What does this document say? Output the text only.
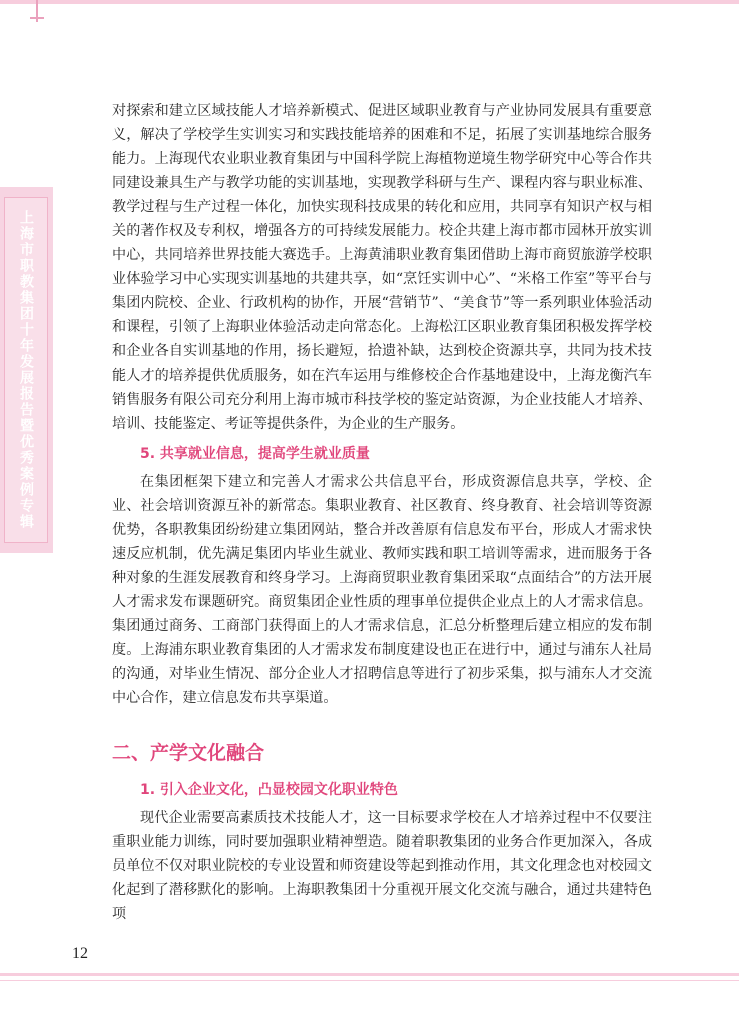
上海市职教集团十年发展报告暨优秀案例专辑

对探索和建立区域技能人才培养新模式、促进区域职业教育与产业协同发展具有重要意义，解决了学校学生实训实习和实践技能培养的困难和不足，拓展了实训基地综合服务能力。上海现代农业职业教育集团与中国科学院上海植物逆境生物学研究中心等合作共同建设兼具生产与教学功能的实训基地，实现教学科研与生产、课程内容与职业标准、教学过程与生产过程一体化，加快实现科技成果的转化和应用，共同享有知识产权与相关的著作权及专利权，增强各方的可持续发展能力。校企共建上海市都市园林开放实训中心，共同培养世界技能大赛选手。上海黄浦职业教育集团借助上海市商贸旅游学校职业体验学习中心实现实训基地的共建共享，如“烹饪实训中心”、“米格工作室”等平台与集团内院校、企业、行政机构的协作，开展“营销节”、“美食节”等一系列职业体验活动和课程，引领了上海职业体验活动走向常态化。上海松江区职业教育集团积极发挥学校和企业各自实训基地的作用，扬长避短，拾遗补缺，达到校企资源共享，共同为技术技能人才的培养提供优质服务，如在汽车运用与维修校企合作基地建设中，上海龙衡汽车销售服务有限公司充分利用上海市城市科技学校的鉴定站资源，为企业技能人才培养、培训、技能鉴定、考证等提供条件，为企业的生产服务。

5. 共享就业信息，提高学生就业质量

在集团框架下建立和完善人才需求公共信息平台，形成资源信息共享，学校、企业、社会培训资源互补的新常态。集职业教育、社区教育、终身教育、社会培训等资源优势，各职教集团纷纷建立集团网站，整合并改善原有信息发布平台，形成人才需求快速反应机制，优先满足集团内毕业生就业、教师实践和职工培训等需求，进而服务于各种对象的生涯发展教育和终身学习。上海商贸职业教育集团采取“点面结合”的方法开展人才需求发布课题研究。商贸集团企业性质的理事单位提供企业点上的人才需求信息。集团通过商务、工商部门获得面上的人才需求信息，汇总分析整理后建立相应的发布制度。上海浦东职业教育集团的人才需求发布制度建设也正在进行中，通过与浦东人社局的沟通，对毕业生情况、部分企业人才招聘信息等进行了初步采集，拟与浦东人才交流中心合作，建立信息发布共享渠道。

二、产学文化融合
1. 引入企业文化，凸显校园文化职业特色

现代企业需要高素质技术技能人才，这一目标要求学校在人才培养过程中不仅要注重职业能力训练，同时要加强职业精神塑造。随着职教集团的业务合作更加深入，各成员单位不仅对职业院校的专业设置和师资建设等起到推动作用，其文化理念也对校园文化起到了潜移默化的影响。上海职教集团十分重视开展文化交流与融合，通过共建特色项

12
